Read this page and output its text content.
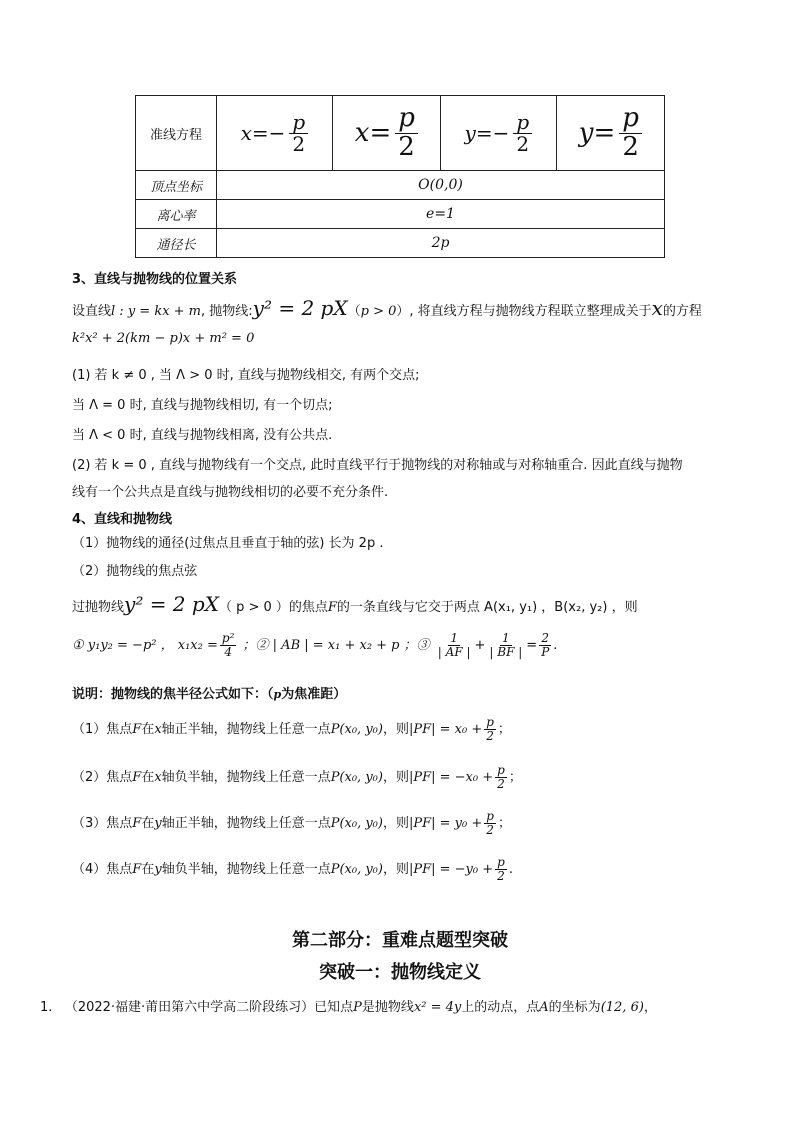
准线方程	$x=- \frac{p}{2}$	$x= \frac{p}{2}$	$y=- \frac{p}{2}$	$y= \frac{p}{2}$

顶点坐标	O(0,0)			
离心率	e=1			
通径长	2p			
3、直线与抛物线的位置关系
设直线l : y = kx + m, 抛物线:y² = 2 pX（p > 0）, 将直线方程与抛物线方程联立整理成关于x的方程
k²x² + 2(km − p)x + m² = 0
(1) 若 k ≠ 0 , 当 Λ > 0 时, 直线与抛物线相交, 有两个交点;
当 Λ = 0 时, 直线与抛物线相切, 有一个切点;
当 Λ < 0 时, 直线与抛物线相离, 没有公共点.
(2) 若 k = 0 , 直线与抛物线有一个交点, 此时直线平行于抛物线的对称轴或与对称轴重合. 因此直线与抛物
线有一个公共点是直线与抛物线相切的必要不充分条件.
4、直线和抛物线
（1）抛物线的通径(过焦点且垂直于轴的弦) 长为 2p .
（2）抛物线的焦点弦
过抛物线y² = 2 pX（ p > 0 ）的焦点F的一条直线与它交于两点 A(x₁, y₁) ，B(x₂, y₂) ，则
① y₁y₂ = −p² ， $x_1x_2 = \frac{\text{p²}}{4}$ ；② | AB | = x₁ + x₂ + p ；③ $\frac{1}{| AF |} + \frac{1}{| BF |} = \frac{2}{P}$ .
说明：抛物线的焦半径公式如下：（p为焦准距）
（1）焦点F在x轴正半轴，抛物线上任意一点P(x₀, y₀)，则$|PF| = x_0 + \frac{p}{2}$ ；
（2）焦点F在x轴负半轴，抛物线上任意一点P(x₀, y₀)，则$|PF| = -x_0 + \frac{p}{2}$ ；
（3）焦点F在y轴正半轴，抛物线上任意一点P(x₀, y₀)，则$|PF| = y_0 + \frac{p}{2}$ ；
（4）焦点F在y轴负半轴，抛物线上任意一点P(x₀, y₀)，则$|PF| = -y_0 + \frac{p}{2}$ .
第二部分：重难点题型突破
突破一：抛物线定义
1. （2022·福建·莆田第六中学高二阶段练习）已知点P是抛物线x² = 4y上的动点，点A的坐标为(12, 6)，
